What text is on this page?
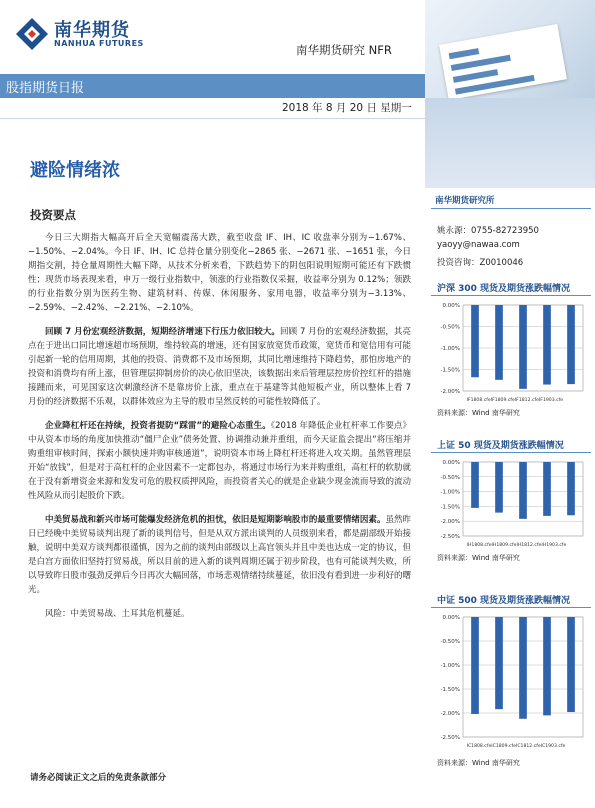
南华期货
NANHUA FUTURES	南华期货研究 NFR
股指期货日报
2018 年 8 月 20 日 星期一
避险情绪浓
投资要点

今日三大期指大幅高开后全天宽幅震荡大跌，截至收盘 IF、IH、IC 收盘率分别为−1.67%、−1.50%、−2.04%。今日 IF、IH、IC 总持仓量分别变化−2865 张、−2671 张、−1651 张，今日期指交割，持仓量周期性大幅下降，从技术分析来看，下跌趋势下的阴包阳说明短期可能还有下跌惯性；现货市场表现来看，申万一级行业指数中，领涨的行业指数仅采掘，收益率分别为 0.12%；领跌的行业指数分别为医药生物、建筑材料、传媒、休闲服务、家用电器，收益率分别为−3.13%、−2.59%、−2.42%、−2.21%、−2.10%。

回顾 7 月份宏观经济数据，短期经济增速下行压力依旧较大。回顾 7 月份的宏观经济数据，其亮点在于进出口同比增速超市场预期，维持较高的增速，还有国家放宽货币政策，宽货币和宽信用有可能引起新一轮的信用周期，其他的投资、消费都不及市场预期，其同比增速维持下降趋势，那怕房地产的投资和消费均有所上涨，但管理层抑制房价的决心依旧坚决，该数据出来后管理层控房价控红杆的措施接踵而来，可见国家这次刺激经济不是靠房价上涨，重点在于基建等其他短板产业，所以整体上看 7 月份的经济数据不乐观，以群体效应为主导的股市呈然反转的可能性较降低了。

企业降杠杆还在持续，投资者提防“踩雷”的避险心态重生。《2018 年降低企业杠杆率工作要点》中从资本市场的角度加快推动“僵尸企业”债务处置、协调推动兼并重组，而今天证监会提出“将压缩并购重组审核时间，探索小额快速并购审核通道”，说明资本市场上降杠杆还将进入攻关期。虽然管理层开始“放钱”，但是对于高杠杆的企业因素不一定都包办，将通过市场行为来并购重组，高杠杆的软肋就在于没有新增资金来源和发发可危的股权质押风险，而投资者关心的就是企业缺少现金流而导致的流动性风险从而引起股价下跌。

中美贸易战和新兴市场可能爆发经济危机的担忧，依旧是短期影响股市的最重要情绪因素。虽然昨日已经晚中美贸易谈判出现了新的谈判信号，但是从双方派出谈判的人员级别来看，都是副部级开始接触，说明中美双方谈判都很谨慎，因为之前的谈判由部级以上高官领头并且中美也达成一定的协议，但是白宫方面依旧坚持打贸易战，所以目前的进入新的谈判周期还属于初步阶段，也有可能谈判失败，所以导致昨日股市强劲反弹后今日再次大幅回落，市场悲观情绪持续蔓延，依旧没有看到进一步利好的曙光。

风险：中美贸易战、土耳其危机蔓延。

请务必阅读正文之后的免责条款部分
南华期货研究所
姚永源：0755-82723950
yaoyy@nawaa.com
投资咨询：Z0010046
沪深 300 现货及期货涨跌幅情况
0.00%
-0.50%
-1.00%
-1.50%
-2.00%
IF1808.cfeIF1809.cfeIF1812.cfeIF1903.cfe
资料来源：Wind 南华研究
上证 50 现货及期货涨跌幅情况
0.00%
-0.50%
-1.00%
-1.50%
-2.00%
-2.50%
IH1808.cfeIH1809.cfeIH1812.cfeIH1903.cfe
资料来源：Wind 南华研究
中证 500 现货及期货涨跌幅情况
0.00%
-0.50%
-1.00%
-1.50%
-2.00%
-2.50%
IC1808.cfeIC1809.cfeIC1812.cfeIC1903.cfe
资料来源：Wind 南华研究
